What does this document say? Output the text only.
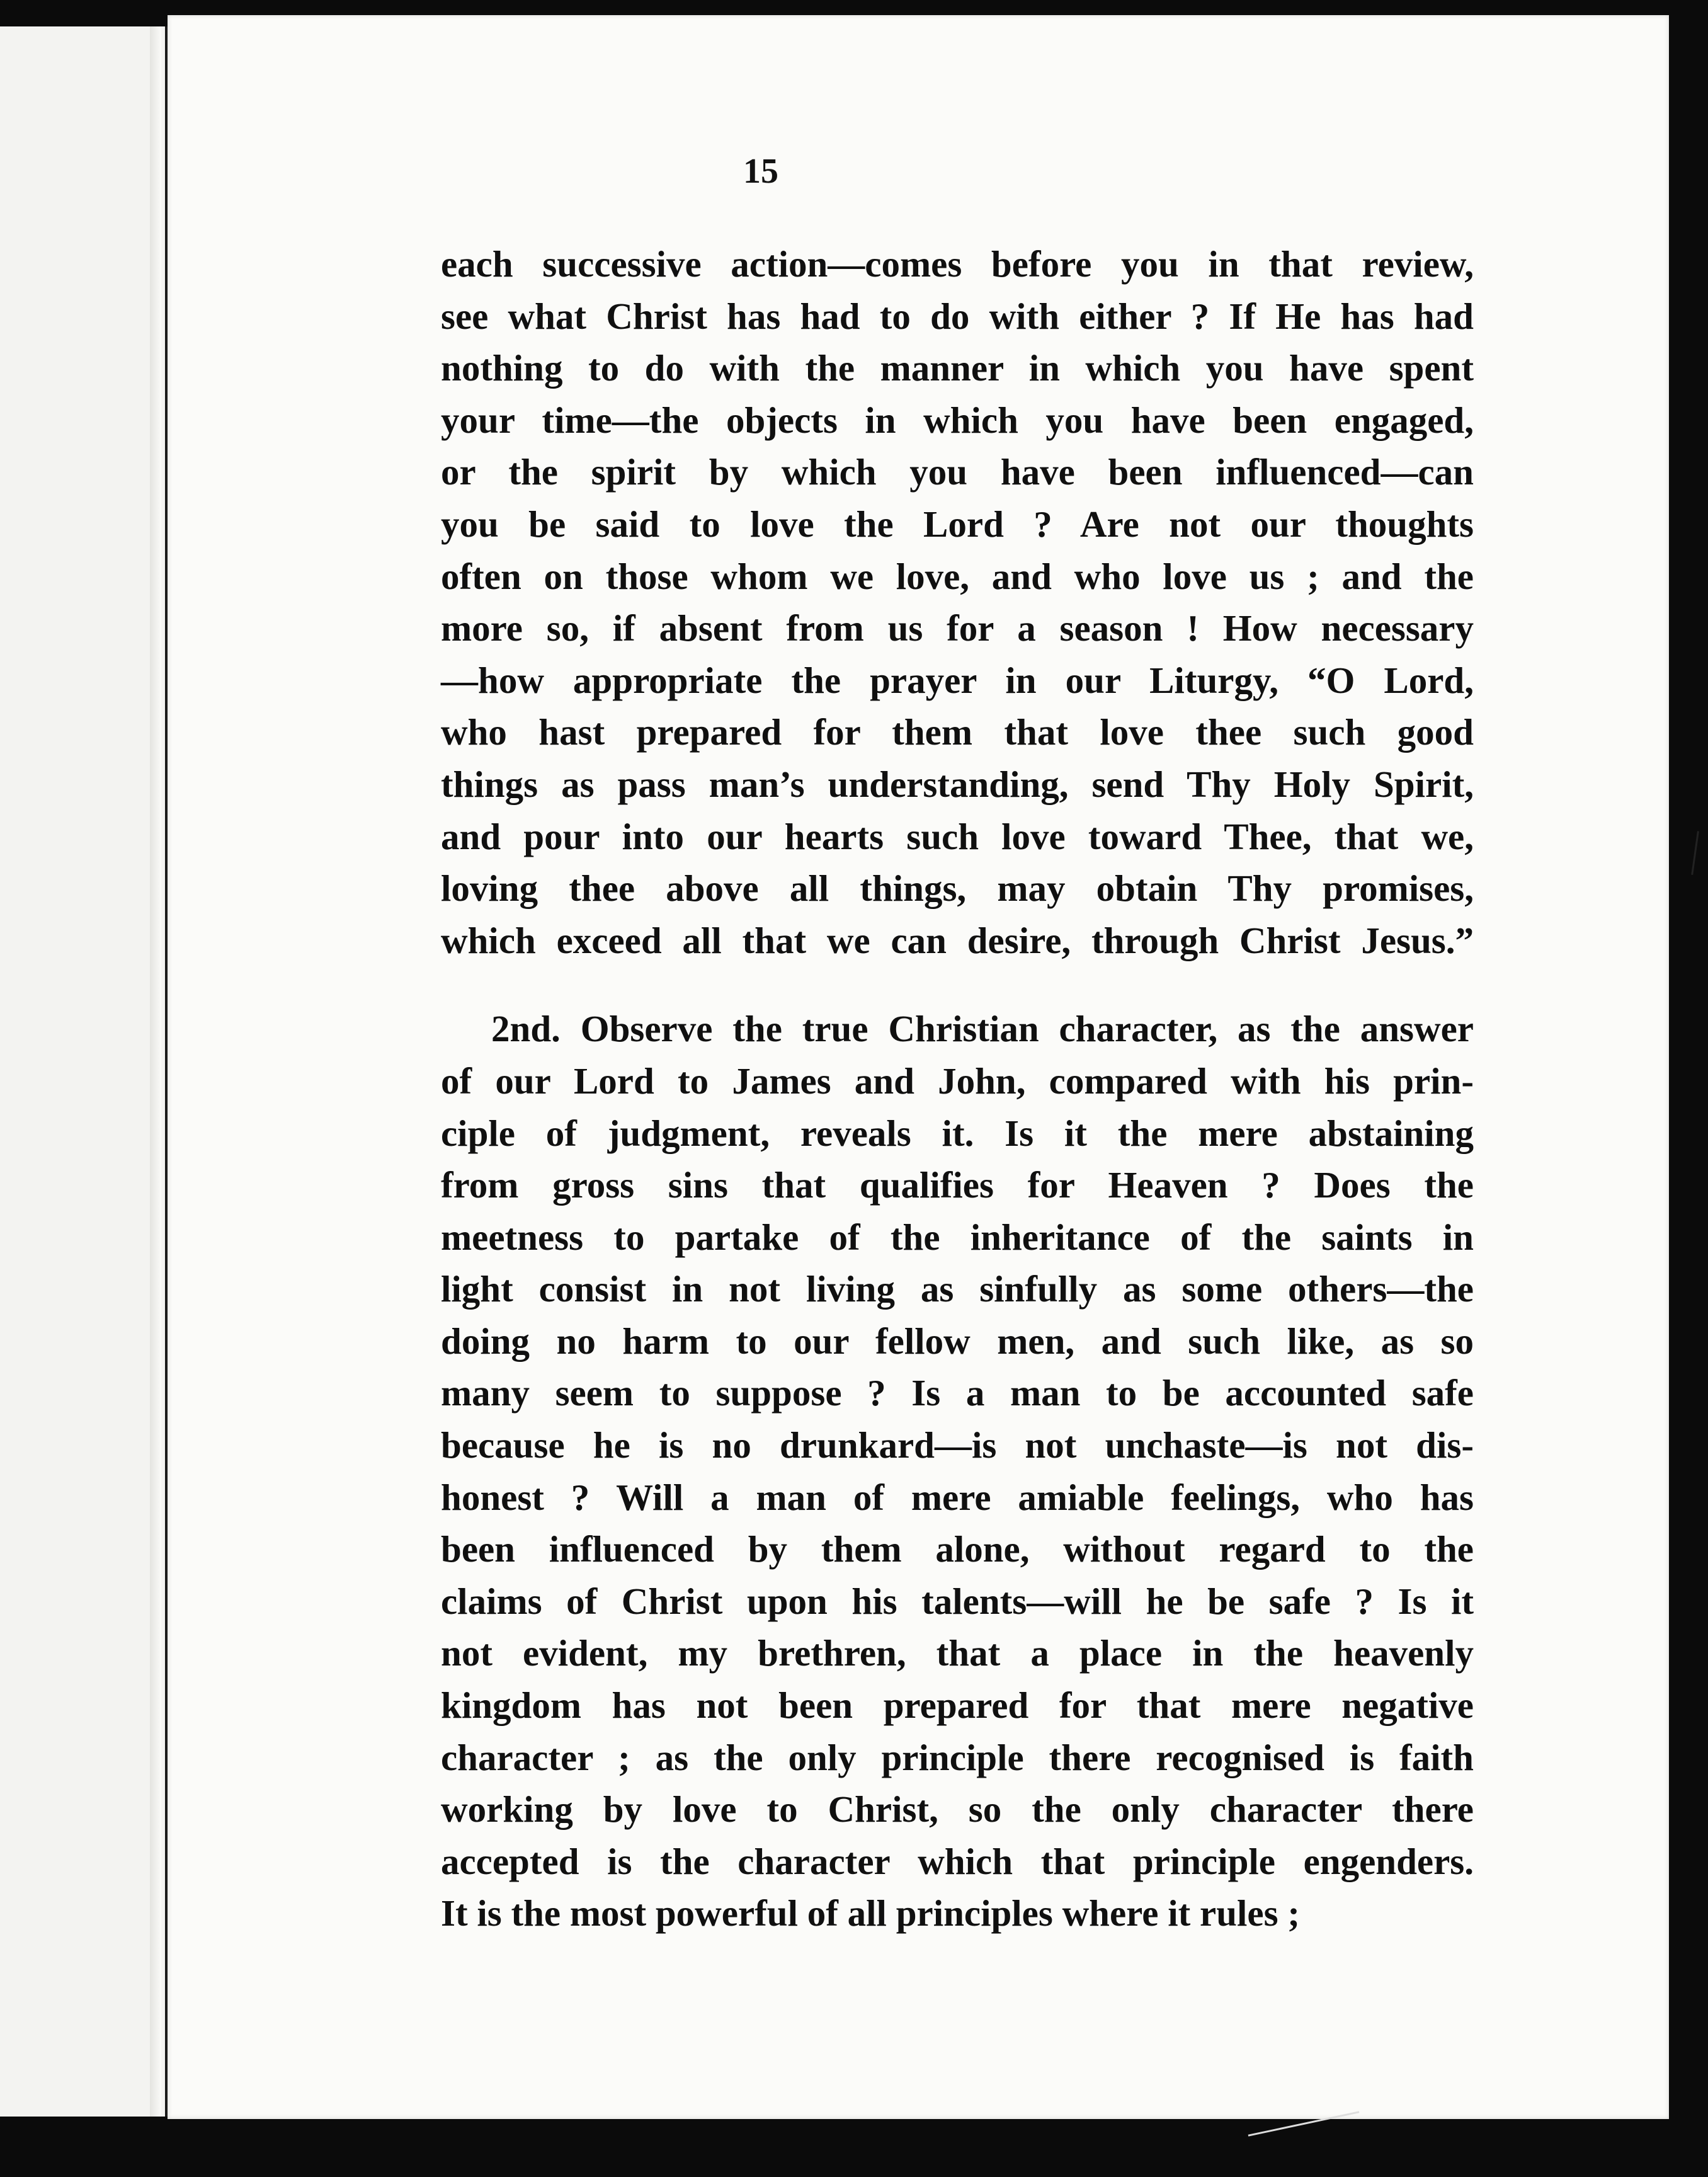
15
each successive action—comes before you in that review,
see what Christ has had to do with either ? If He has had
nothing to do with the manner in which you have spent
your time—the objects in which you have been engaged,
or the spirit by which you have been influenced—can
you be said to love the Lord ? Are not our thoughts
often on those whom we love, and who love us ; and the
more so, if absent from us for a season ! How necessary
—how appropriate the prayer in our Liturgy, “O Lord,
who hast prepared for them that love thee such good
things as pass man’s understanding, send Thy Holy Spirit,
and pour into our hearts such love toward Thee, that we,
loving thee above all things, may obtain Thy promises,
which exceed all that we can desire, through Christ Jesus.”
2nd. Observe the true Christian character, as the answer
of our Lord to James and John, compared with his prin-
ciple of judgment, reveals it. Is it the mere abstaining
from gross sins that qualifies for Heaven ? Does the
meetness to partake of the inheritance of the saints in
light consist in not living as sinfully as some others—the
doing no harm to our fellow men, and such like, as so
many seem to suppose ? Is a man to be accounted safe
because he is no drunkard—is not unchaste—is not dis-
honest ? Will a man of mere amiable feelings, who has
been influenced by them alone, without regard to the
claims of Christ upon his talents—will he be safe ? Is it
not evident, my brethren, that a place in the heavenly
kingdom has not been prepared for that mere negative
character ; as the only principle there recognised is faith
working by love to Christ, so the only character there
accepted is the character which that principle engenders.
It is the most powerful of all principles where it rules ;
